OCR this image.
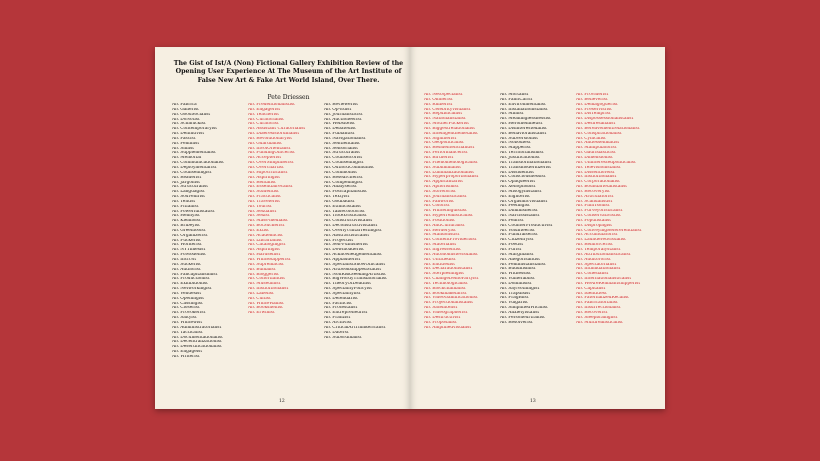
The Gist of Ist/A (Non) Fictional Gallery Exhibition Review of the Opening User Experience At The Museum of the Art Institute of False New Art & Fake Art World Island, Over There.
Pete Driessen
Art Fabrica
Art Gallerist
Art GoodSocialist
Art DoNotist
Art Schmuckist
Art Contemporaryist
Art Definitivist
Art Fascist
Art Feminist
Art Shilist
Art Supplementalist
Art Memorial
Art Communicationalist
Art Deploymentarist
Art Counsellingist
Art Readerist
Art Jargonist
Art Structuralist
Art Languagist
Art Souvenirist
Art Tentist
Art Pitfallist
Art Powerfullstatist
Art Helmyist
Art Kleanoist
Art Bribeyist
Art Greenlooist
Art Organizerist
Art Fuckerist
Art Workerist
Art NYTimesist
Art PoModenist
Art InciUst
Art Suckerist
Art Authorist
Art Pancapitalisimist
Art Productionist
Art Exhibitionist
Art Networkingist
Art Venuesist
Art Openingist
Art Cassingist
Art Closerist
Art Provokerist
Art Saltyist
Art Whitewist
Art Administratorialist
Art Tacticalist
Art Documentationalist
Art Decentralizationist
Art Desertificationalist
Art Engageist
Art Writerist
Art Predentionalistist
Art Engagerist
Art Teacherist
Art Curatorialist
Art Curatorist
Art Assistant Curatorialist
Art Diaeresistordinalist
Art Revolutionaryist
Art Guardianist
Art InvolOrientalist
Art FundingOfficerist
Art Accepterist
Art OverSimplifierist
Art Overchartist
Art Hipocriticalist
Art Aspiringist
Art Rentalist
Art Essentialrecalist
Art Studentist
Art Practicalist
Art Travelerist
Art Tourist
Art Sexualist
Art Sexist
Art Mass-mediaist
Art BotSuckerist
Art Extist
Art Academicist
Art Librarianist
Art Catalogingist
Art Aspiringist
Art Hardsellist
Art WhiteRapperist
Art Supremacist
Art Bumalist
Art Bloggerist
Art Cohortiantist
Art Museumist
Art Institutionalist
Art Labelist
Art Cultist
Art WhiteWallist
Art Bookshelfist
Art Erwinist
Art Reviewerist
Art Op-Edist
Art Journalisticist
Art Auctioneerist
Art Websiteist
Art Debatedist
Art Pubiantist
Art Navigationalist
Art Sentientalist
Art Sensorialist
Art Structuralist
Art Counselcorist
Art Counsellingist
Art OutlordCommunist
Art Commonist
Art Researcherist
Art Compellingist
Art Analyserist
Art Postcapitalistist
Art Textyist
Art Godbadist
Art Ethnicistalist
Art Tablecolotorist
Art Tiotexvisticalist
Art Constructivistalist
Art Deconstructivistalist
Art OverlyUnitarrestingist
Art Abstractisticalist
Art Projectist
Art Self-Publisherist
Art Downloaderist
Art Acknowledgementalist
Art Applauderist
Art SpecialistShowOfficalist
Art ArtbookshippedStatist
Art NonRiskSeekingArtistist
Art BigWordyTranslatorialist
Art TheoryOfDeathist
Art SpecialityPolicyist
Art Specialitylist
Art Defendarist
Art Pacificist
Art Protestalist
Art Entrepreneurist
Art Franzist
Art Archivist
Art CriticalArtThinkericalist
Art Daterst
Art Subordinalist
12
Art NeoSpecialist
Art Omnerist
Art Rhiberist
Art Celebrityvisualist
Art Republicanist
Art Nationalistalist
Art MotherFuckerist
Art Biggestrelationalist
Art Intelligenthemetalist
Art Signifierist
Art Geopoliticalist
Art Residentenchantist
Art Performancerist
Art Birtherist
Art Phenomenologicalist
Art Subliminalist
Art Luminalizationalist
Art Hyperproportionalist
Art Applicantarist
Art Aphorismist
Art Storeforist
Art Journalisticalist
Art Fanworist
Art Colorist
Art Whitelinguistist
Art Hyperrealisticalist
Art Positionist
Art AntiCulturalist
Art Herderyist
Art Mandolistist
Art ContentProviderbist
Art Materialist
Art Ingressentist
Art Autonomistevisualist
Art Untitledist
Art Entitledist
Art Declarationistalist
Art Sterpleslingist
Art ChangeDemoPartyist
Art Technologicalist
Art Blockchainalist
Art Bookmakefarist
Art VideoGamificationist
Art Projectionalistalist
Art Satellitefist
Art Videographerist
Art Destructivist
Art Proposalist
Art Amplifiedvisualist
Art Mortalist
Art PaintCaricl
Art Environmentalist
Art Installationistalist
Art Mimist
Art Meaninglessnessist
Art Heroineninetist
Art Disinterestedalist
Art Behavioralistalist
Art Subversionist
Art Nobodiest
Art Mapperist
Art Territorialismist
Art Justificationist
Art Transformationalist
Art Transmodernizerist
Art Dissidentist
Art Consciousnessist
Art Opaqueerist
Art Xenophobist
Art Misogynistalist
Art Eighterist
Art Orgasmicvisualist
Art Feelingist
Art Diminisherist
Art Narcissistalist
Art Fearist
Art CounterProductivist
Art Volunteerist
Art Fundraiserist
Art Citizenryist
Art Poetist
Art Purist
Art Marginalist
Art Allegorisantist
Art Feministalistalist
Art Buddhismist
Art Witnessist
Art Vulnerablist
Art Dominisist
Art SayNothingist
Art Trapdisist
Art FragBlist
Art Vulgarist
Art SimplifiedWicalist
Art Anxietyistalist
Art Personeurtranist
Art Resolverist
Art Providerist
Art Believerist
Art Demagoguerist
Art Preservisrist
Art DisTemprist
Art Dispossessionalistalist
Art Desiresanalist
Art Bereavementrelationalist
Art Conspirationalist
Art Cynicalist
Art Antiessenmatist
Art Manipulatorist
Art Gaurisiasticist
Art Dimensionist
Art Uninterestedpoliticalist
Art Televisionistalist
Art Dissentioreist
Art Institutionalist
Art Corporationalist
Art Boundarietalistalist
Art Recoveryist
Art Articulatorist
Art Scandalistist
Art FilmTsonist
Art Purveyoristicalist
Art Conservativistist
Art Populistalist
Art Dispropagist
Art ConveyingRefererentialist
Art Accumulatorist
Art Launderedvisualist
Art Reinforcerist
Art Temporalystalist
Art Attributionalisticalist
Art Auditororist
Art Spectatorialist
Art Intimidationalist
Art Cohesiaiist
Art Internationalisticalist
Art WeAreRemnantsflipperist
Art Capitalist
Art Identitiest
Art PaternalizedRecalist
Art Fabricatorialist
Art Insurrectionalist
Art Recoverist
Art Sleepbrainglist
Art Multirealisticalist
13
